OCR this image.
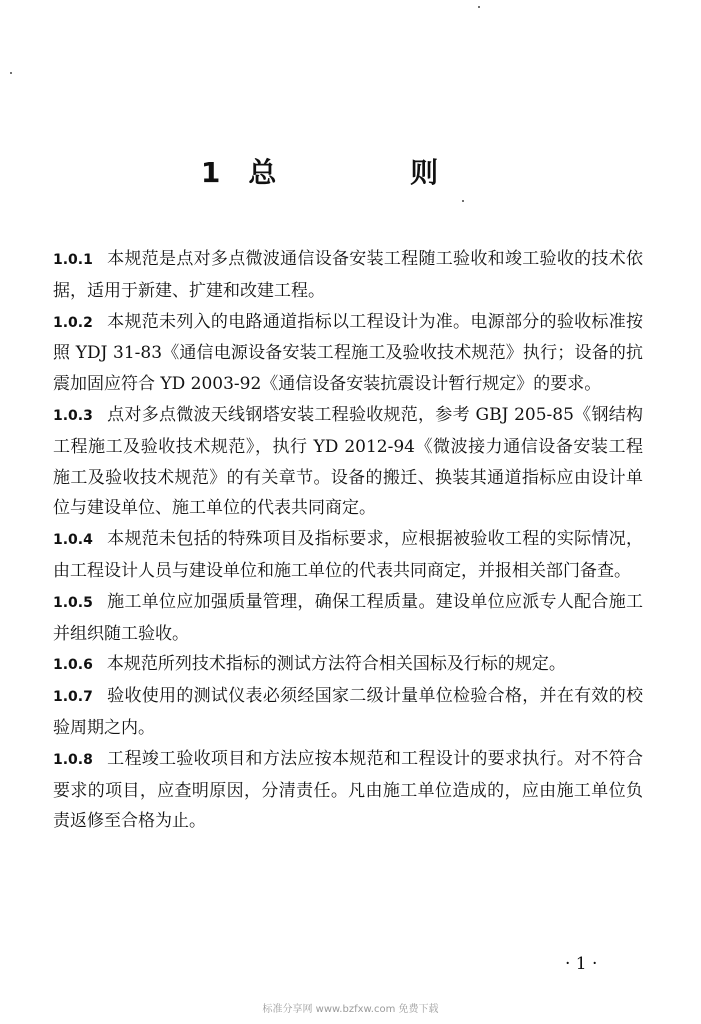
1 总 则

1.0.1 本规范是点对多点微波通信设备安装工程随工验收和竣工验收的技术依据，适用于新建、扩建和改建工程。

1.0.2 本规范未列入的电路通道指标以工程设计为准。电源部分的验收标准按照 YDJ 31-83《通信电源设备安装工程施工及验收技术规范》执行；设备的抗震加固应符合 YD 2003-92《通信设备安装抗震设计暂行规定》的要求。

1.0.3 点对多点微波天线钢塔安装工程验收规范，参考 GBJ 205-85《钢结构工程施工及验收技术规范》，执行 YD 2012-94《微波接力通信设备安装工程施工及验收技术规范》的有关章节。设备的搬迁、换装其通道指标应由设计单位与建设单位、施工单位的代表共同商定。

1.0.4 本规范未包括的特殊项目及指标要求，应根据被验收工程的实际情况，由工程设计人员与建设单位和施工单位的代表共同商定，并报相关部门备查。

1.0.5 施工单位应加强质量管理，确保工程质量。建设单位应派专人配合施工并组织随工验收。

1.0.6 本规范所列技术指标的测试方法符合相关国标及行标的规定。

1.0.7 验收使用的测试仪表必须经国家二级计量单位检验合格，并在有效的校验周期之内。

1.0.8 工程竣工验收项目和方法应按本规范和工程设计的要求执行。对不符合要求的项目，应查明原因，分清责任。凡由施工单位造成的，应由施工单位负责返修至合格为止。

· 1 ·
标准分享网 www.bzfxw.com 免费下载
